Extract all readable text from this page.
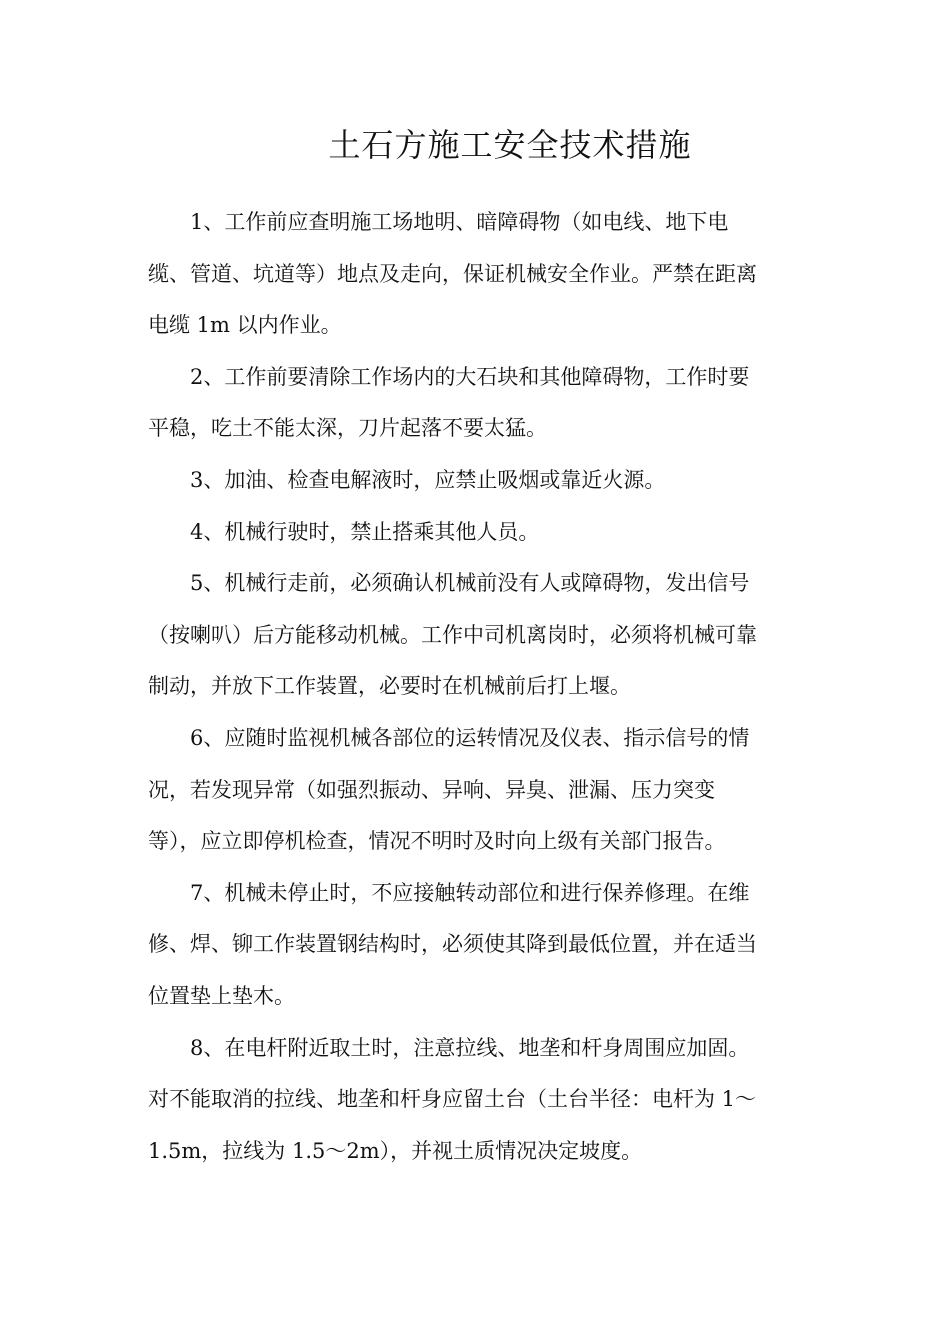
土石方施工安全技术措施

1、工作前应查明施工场地明、暗障碍物（如电线、地下电
缆、管道、坑道等）地点及走向，保证机械安全作业。严禁在距离
电缆 1m 以内作业。

2、工作前要清除工作场内的大石块和其他障碍物，工作时要
平稳，吃土不能太深，刀片起落不要太猛。

3、加油、检查电解液时，应禁止吸烟或靠近火源。

4、机械行驶时，禁止搭乘其他人员。

5、机械行走前，必须确认机械前没有人或障碍物，发出信号
（按喇叭）后方能移动机械。工作中司机离岗时，必须将机械可靠
制动，并放下工作装置，必要时在机械前后打上堰。

6、应随时监视机械各部位的运转情况及仪表、指示信号的情
况，若发现异常（如强烈振动、异响、异臭、泄漏、压力突变
等），应立即停机检查，情况不明时及时向上级有关部门报告。

7、机械未停止时，不应接触转动部位和进行保养修理。在维
修、焊、铆工作装置钢结构时，必须使其降到最低位置，并在适当
位置垫上垫木。

8、在电杆附近取土时，注意拉线、地垄和杆身周围应加固。
对不能取消的拉线、地垄和杆身应留土台（土台半径：电杆为 1～
1.5m，拉线为 1.5～2m），并视土质情况决定坡度。
